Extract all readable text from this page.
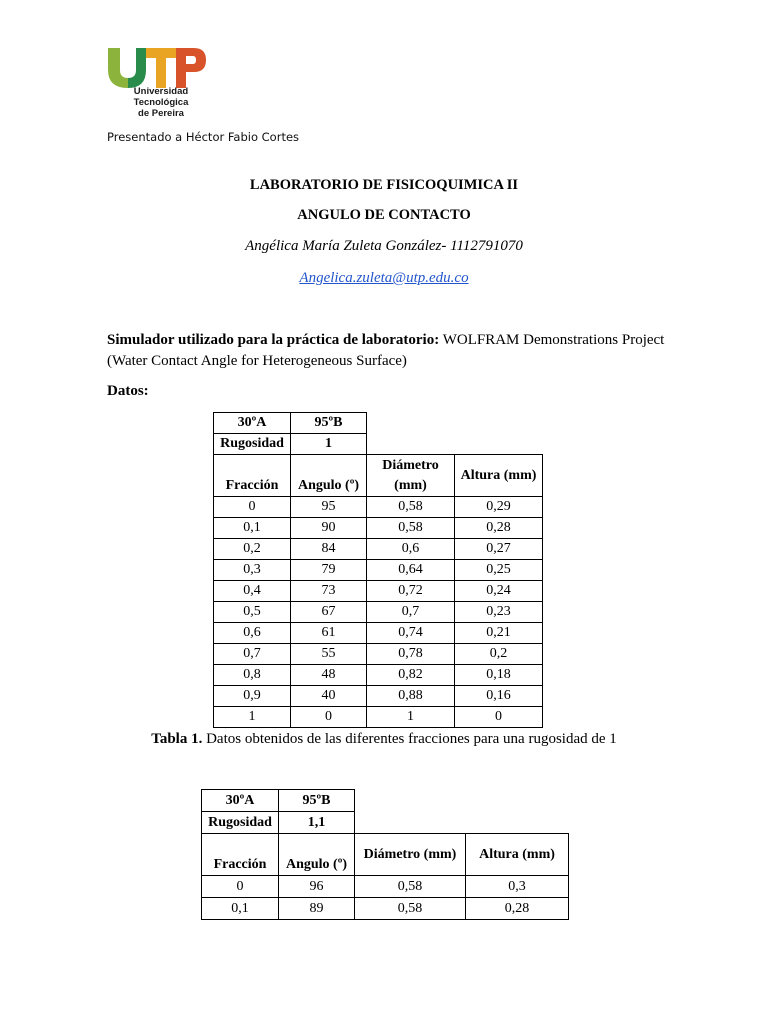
Universidad Tecnológica
de Pereira
Presentado a Héctor Fabio Cortes
LABORATORIO DE FISICOQUIMICA II
ANGULO DE CONTACTO
Angélica María Zuleta González- 1112791070
Angelica.zuleta@utp.edu.co
Simulador utilizado para la práctica de laboratorio: WOLFRAM Demonstrations Project (Water Contact Angle for Heterogeneous Surface)
Datos:
30ºA	95ºB		
Rugosidad	1		
Fracción	Angulo (º)	Diámetro (mm)	Altura (mm)
0	95	0,58	0,29
0,1	90	0,58	0,28
0,2	84	0,6	0,27
0,3	79	0,64	0,25
0,4	73	0,72	0,24
0,5	67	0,7	0,23
0,6	61	0,74	0,21
0,7	55	0,78	0,2
0,8	48	0,82	0,18
0,9	40	0,88	0,16
1	0	1	0
Tabla 1. Datos obtenidos de las diferentes fracciones para una rugosidad de 1
30ºA	95ºB		
Rugosidad	1,1		
Fracción	Angulo (º)	Diámetro (mm)	Altura (mm)
0	96	0,58	0,3
0,1	89	0,58	0,28
